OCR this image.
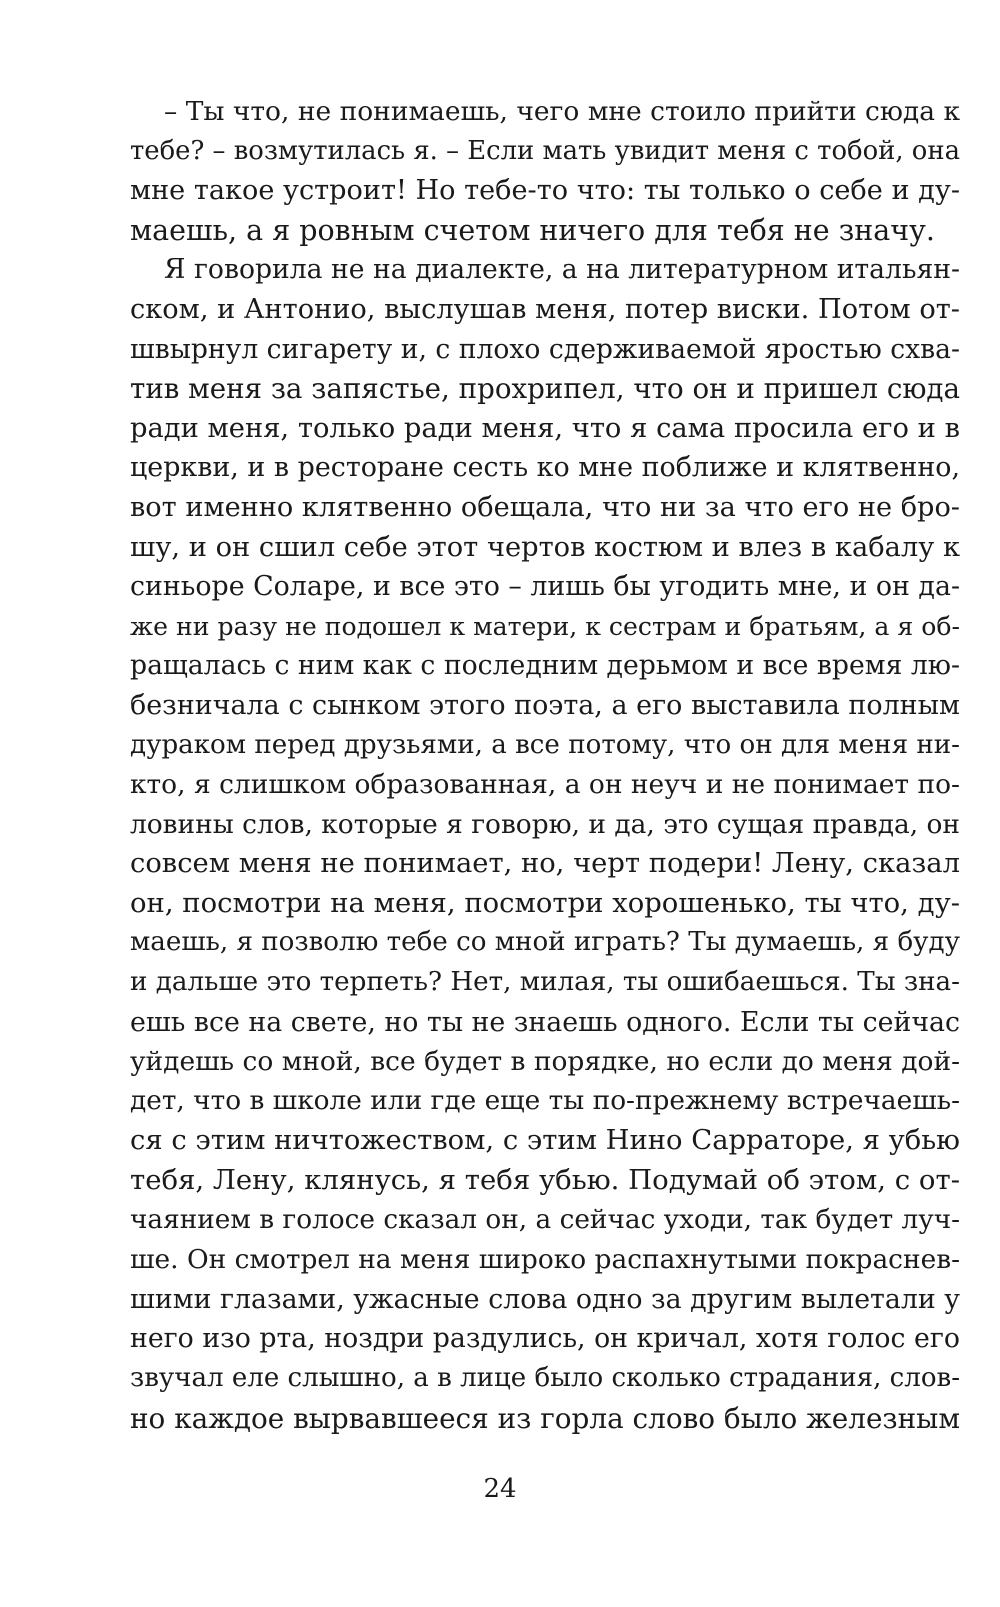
– Ты что, не понимаешь, чего мне стоило прийти сюда к
тебе? – возмутилась я. – Если мать увидит меня с тобой, она
мне такое устроит! Но тебе-то что: ты только о себе и ду-
маешь, а я ровным счетом ничего для тебя не значу.
Я говорила не на диалекте, а на литературном итальян-
ском, и Антонио, выслушав меня, потер виски. Потом от-
швырнул сигарету и, с плохо сдерживаемой яростью схва-
тив меня за запястье, прохрипел, что он и пришел сюда
ради меня, только ради меня, что я сама просила его и в
церкви, и в ресторане сесть ко мне поближе и клятвенно,
вот именно клятвенно обещала, что ни за что его не бро-
шу, и он сшил себе этот чертов костюм и влез в кабалу к
синьоре Соларе, и все это – лишь бы угодить мне, и он да-
же ни разу не подошел к матери, к сестрам и братьям, а я об-
ращалась с ним как с последним дерьмом и все время лю-
безничала с сынком этого поэта, а его выставила полным
дураком перед друзьями, а все потому, что он для меня ни-
кто, я слишком образованная, а он неуч и не понимает по-
ловины слов, которые я говорю, и да, это сущая правда, он
совсем меня не понимает, но, черт подери! Лену, сказал
он, посмотри на меня, посмотри хорошенько, ты что, ду-
маешь, я позволю тебе со мной играть? Ты думаешь, я буду
и дальше это терпеть? Нет, милая, ты ошибаешься. Ты зна-
ешь все на свете, но ты не знаешь одного. Если ты сейчас
уйдешь со мной, все будет в порядке, но если до меня дой-
дет, что в школе или где еще ты по-прежнему встречаешь-
ся с этим ничтожеством, с этим Нино Сарраторе, я убью
тебя, Лену, клянусь, я тебя убью. Подумай об этом, с от-
чаянием в голосе сказал он, а сейчас уходи, так будет луч-
ше. Он смотрел на меня широко распахнутыми покраснев-
шими глазами, ужасные слова одно за другим вылетали у
него изо рта, ноздри раздулись, он кричал, хотя голос его
звучал еле слышно, а в лице было сколько страдания, слов-
но каждое вырвавшееся из горла слово было железным
24
